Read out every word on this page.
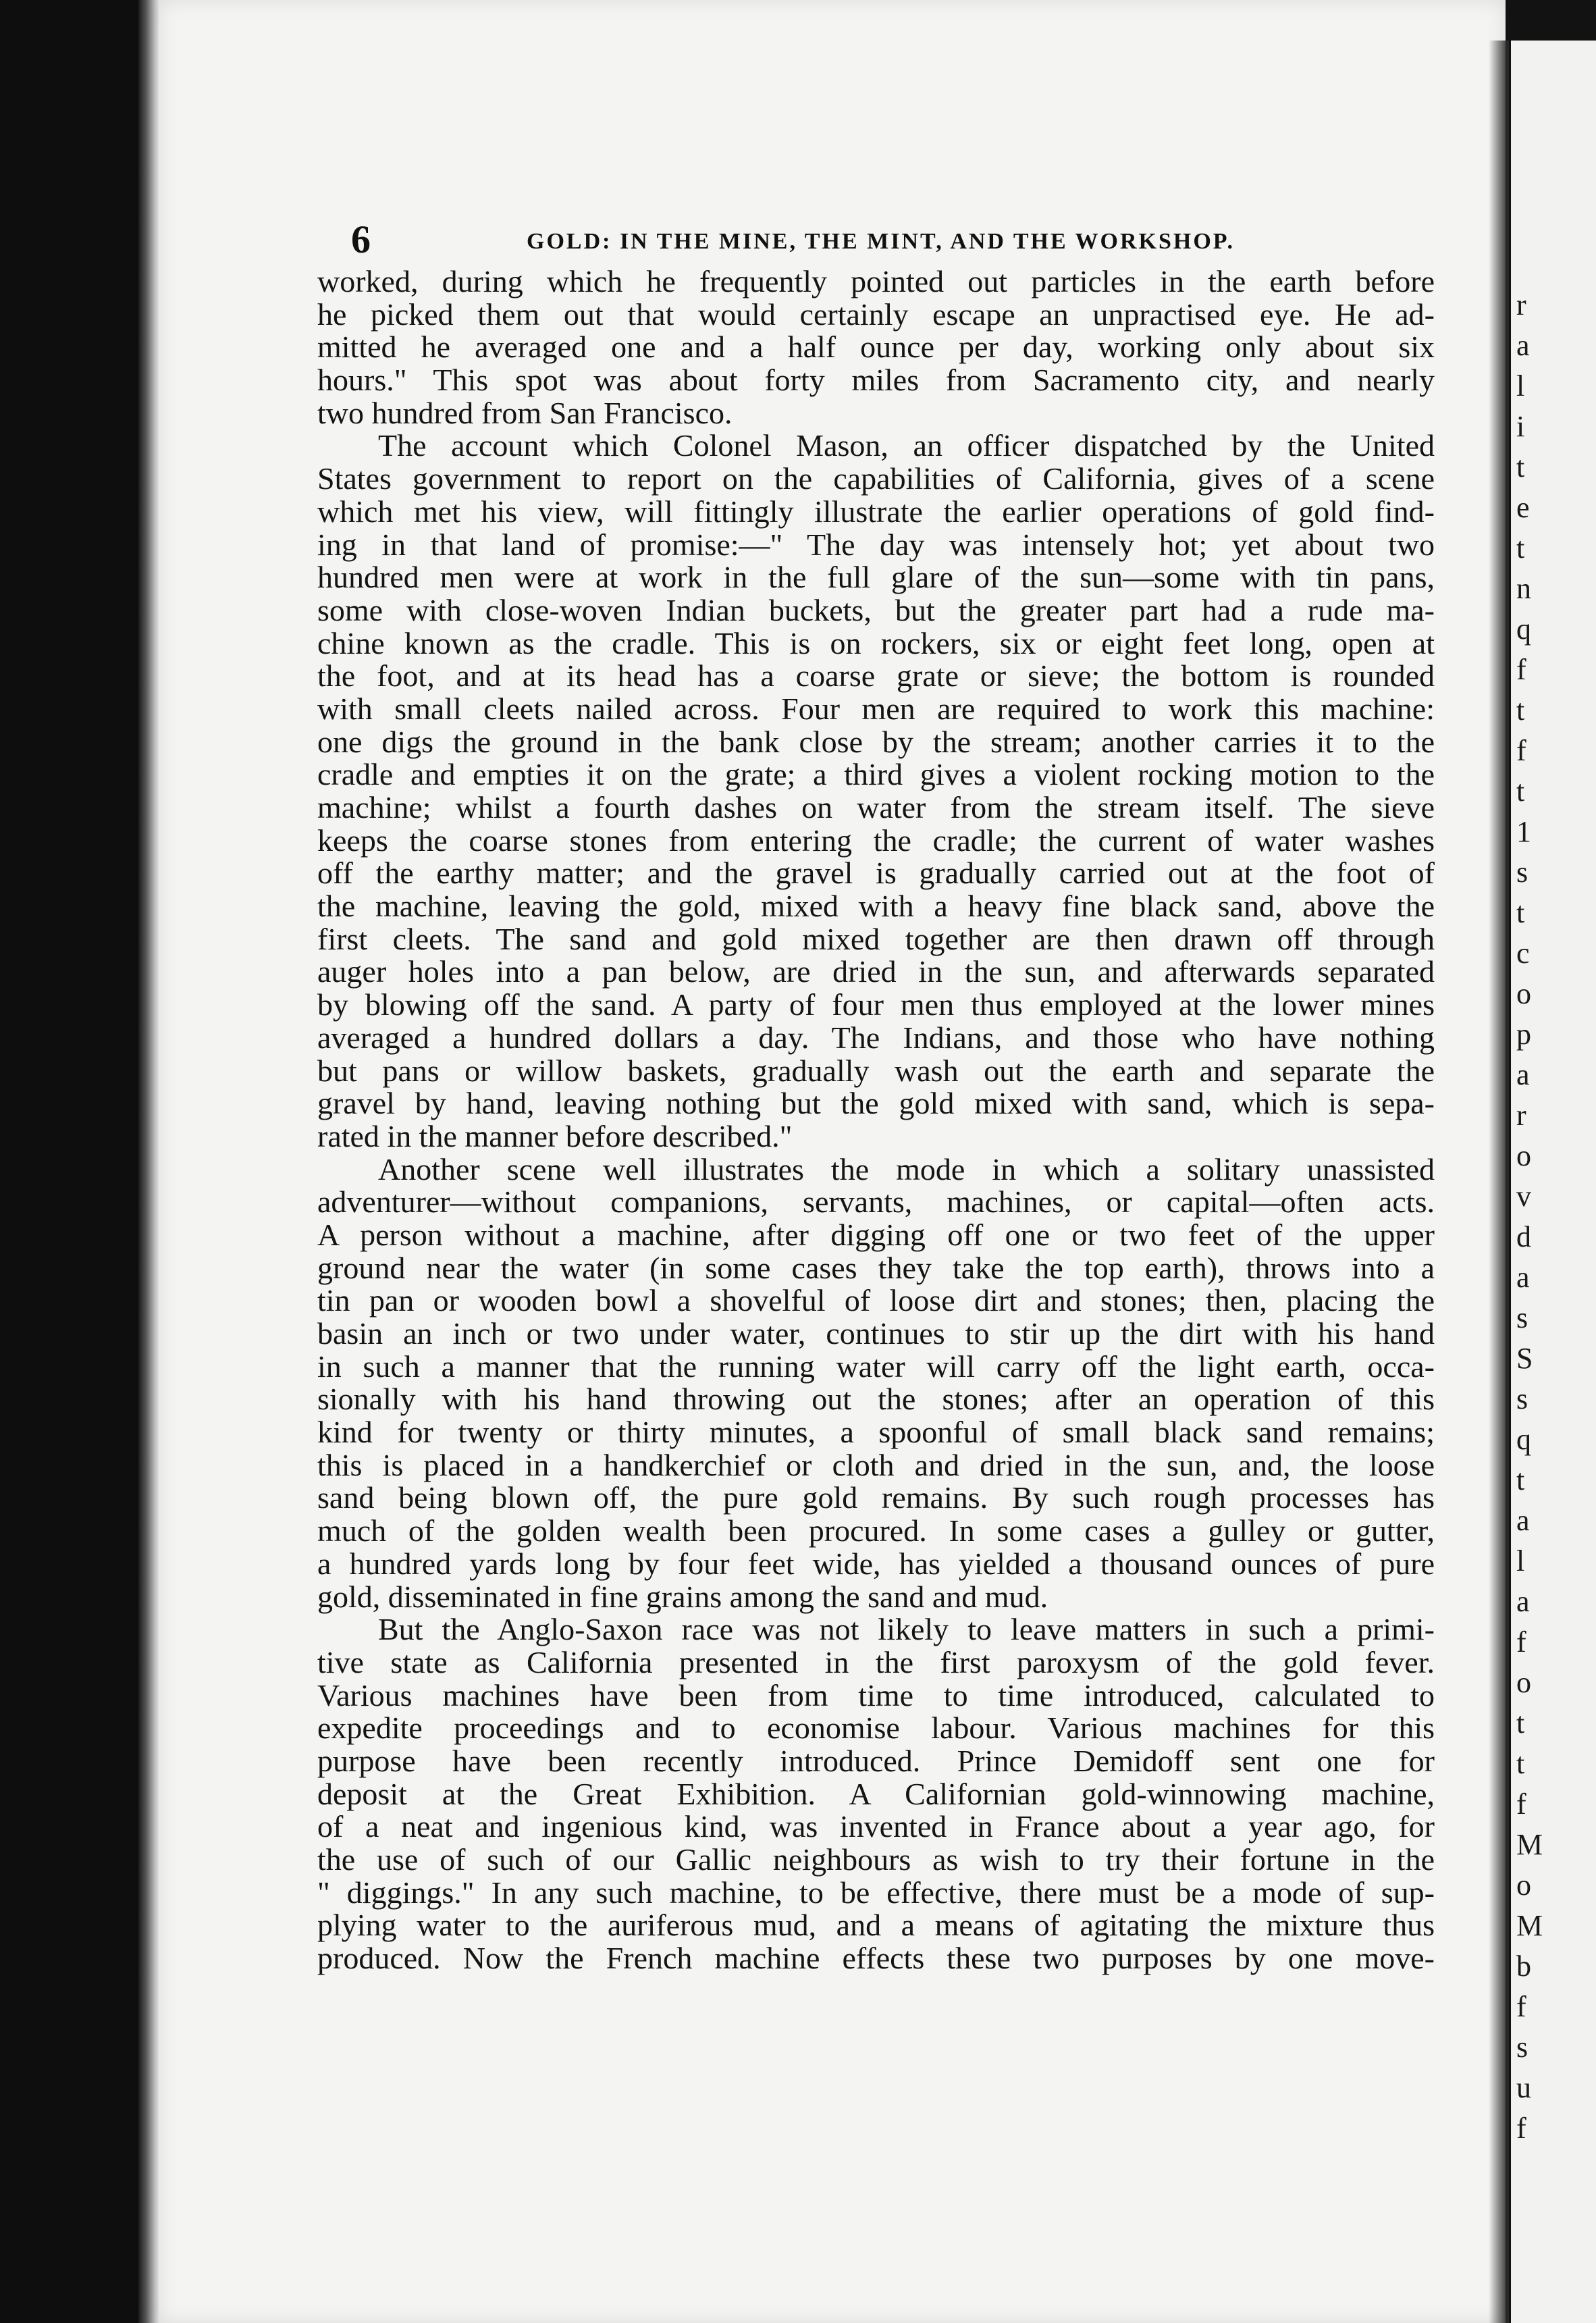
r
a
l
i
t
e
t
n
q
f
t
f
t
1
s
t
c
o
p
a
r
o
v
d
a
s
S
s
q
t
a
l
a
f
o
t
t
f
M
o
M
b
f
s
u
f
6	GOLD: IN THE MINE, THE MINT, AND THE WORKSHOP.
worked, during which he frequently pointed out particles in the earth before
he picked them out that would certainly escape an unpractised eye. He ad-
mitted he averaged one and a half ounce per day, working only about six
hours." This spot was about forty miles from Sacramento city, and nearly
two hundred from San Francisco.
The account which Colonel Mason, an officer dispatched by the United
States government to report on the capabilities of California, gives of a scene
which met his view, will fittingly illustrate the earlier operations of gold find-
ing in that land of promise:—" The day was intensely hot; yet about two
hundred men were at work in the full glare of the sun—some with tin pans,
some with close-woven Indian buckets, but the greater part had a rude ma-
chine known as the cradle. This is on rockers, six or eight feet long, open at
the foot, and at its head has a coarse grate or sieve; the bottom is rounded
with small cleets nailed across. Four men are required to work this machine:
one digs the ground in the bank close by the stream; another carries it to the
cradle and empties it on the grate; a third gives a violent rocking motion to the
machine; whilst a fourth dashes on water from the stream itself. The sieve
keeps the coarse stones from entering the cradle; the current of water washes
off the earthy matter; and the gravel is gradually carried out at the foot of
the machine, leaving the gold, mixed with a heavy fine black sand, above the
first cleets. The sand and gold mixed together are then drawn off through
auger holes into a pan below, are dried in the sun, and afterwards separated
by blowing off the sand. A party of four men thus employed at the lower mines
averaged a hundred dollars a day. The Indians, and those who have nothing
but pans or willow baskets, gradually wash out the earth and separate the
gravel by hand, leaving nothing but the gold mixed with sand, which is sepa-
rated in the manner before described."
Another scene well illustrates the mode in which a solitary unassisted
adventurer—without companions, servants, machines, or capital—often acts.
A person without a machine, after digging off one or two feet of the upper
ground near the water (in some cases they take the top earth), throws into a
tin pan or wooden bowl a shovelful of loose dirt and stones; then, placing the
basin an inch or two under water, continues to stir up the dirt with his hand
in such a manner that the running water will carry off the light earth, occa-
sionally with his hand throwing out the stones; after an operation of this
kind for twenty or thirty minutes, a spoonful of small black sand remains;
this is placed in a handkerchief or cloth and dried in the sun, and, the loose
sand being blown off, the pure gold remains. By such rough processes has
much of the golden wealth been procured. In some cases a gulley or gutter,
a hundred yards long by four feet wide, has yielded a thousand ounces of pure
gold, disseminated in fine grains among the sand and mud.
But the Anglo-Saxon race was not likely to leave matters in such a primi-
tive state as California presented in the first paroxysm of the gold fever.
Various machines have been from time to time introduced, calculated to
expedite proceedings and to economise labour. Various machines for this
purpose have been recently introduced. Prince Demidoff sent one for
deposit at the Great Exhibition. A Californian gold-winnowing machine,
of a neat and ingenious kind, was invented in France about a year ago, for
the use of such of our Gallic neighbours as wish to try their fortune in the
" diggings." In any such machine, to be effective, there must be a mode of sup-
plying water to the auriferous mud, and a means of agitating the mixture thus
produced. Now the French machine effects these two purposes by one move-
